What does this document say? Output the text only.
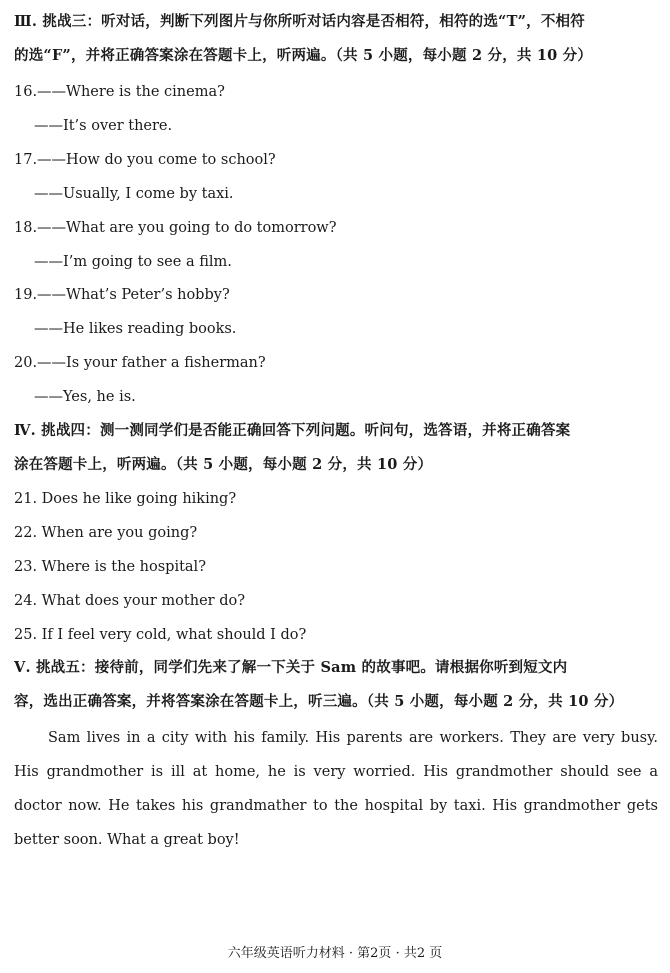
Ⅲ. 挑战三：听对话，判断下列图片与你所听对话内容是否相符，相符的选“T”，不相符
的选“F”，并将正确答案涂在答题卡上，听两遍。（共 5 小题，每小题 2 分，共 10 分）
16.——Where is the cinema?
——It’s over there.
17.——How do you come to school?
——Usually, I come by taxi.
18.——What are you going to do tomorrow?
——I’m going to see a film.
19.——What’s Peter’s hobby?
——He likes reading books.
20.——Is your father a fisherman?
——Yes, he is.
Ⅳ. 挑战四：测一测同学们是否能正确回答下列问题。听问句，选答语，并将正确答案
涂在答题卡上，听两遍。（共 5 小题，每小题 2 分，共 10 分）
21. Does he like going hiking?
22. When are you going?
23. Where is the hospital?
24. What does your mother do?
25. If I feel very cold, what should I do?
Ⅴ. 挑战五：接待前，同学们先来了解一下关于 Sam 的故事吧。请根据你听到短文内
容，选出正确答案，并将答案涂在答题卡上，听三遍。（共 5 小题，每小题 2 分，共 10 分）
Sam lives in a city with his family. His parents are workers. They are very busy. His grandmother is ill at home, he is very worried. His grandmother should see a doctor now. He takes his grandmather to the hospital by taxi. His grandmother gets better soon. What a great boy!
六年级英语听力材料 · 第2页 · 共2 页
